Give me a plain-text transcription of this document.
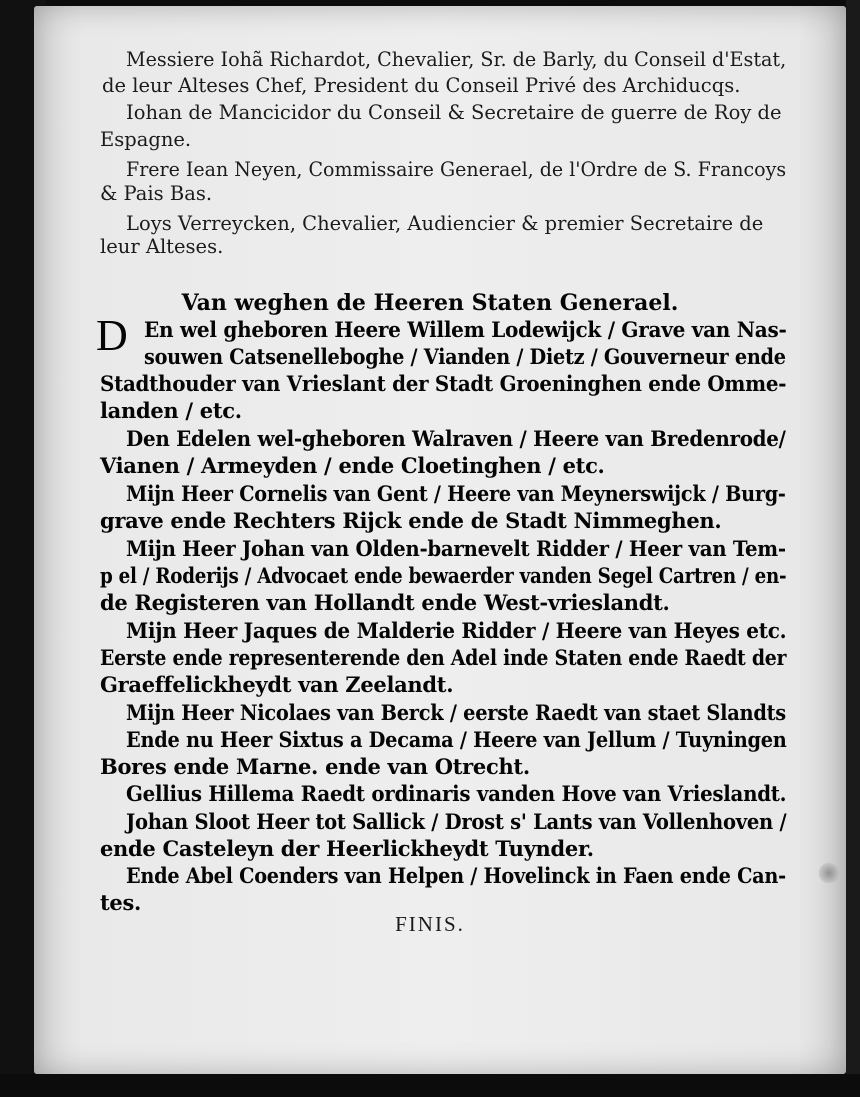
Messiere Iohã Richardot, Chevalier, Sr. de Barly, du Conseil d'Estat,

de leur Alteses Chef, President du Conseil Privé des Archiducqs.

Iohan de Mancicidor du Conseil & Secretaire de guerre de Roy de

Espagne.

Frere Iean Neyen, Commissaire Generael, de l'Ordre de S. Francoys

& Pais Bas.

Loys Verreycken, Chevalier, Audiencier & premier Secretaire de

leur Alteses.

Van weghen de Heeren Staten Generael.
D En wel gheboren Heere Willem Lodewijck / Grave van Nas-

souwen Catsenelleboghe / Vianden / Dietz / Gouverneur ende

Stadthouder van Vrieslant der Stadt Groeninghen ende Omme-

landen / etc.

Den Edelen wel-gheboren Walraven / Heere van Bredenrode/

Vianen / Armeyden / ende Cloetinghen / etc.

Mijn Heer Cornelis van Gent / Heere van Meynerswijck / Burg-

grave ende Rechters Rijck ende de Stadt Nimmeghen.

Mijn Heer Johan van Olden-barnevelt Ridder / Heer van Tem-

p el / Roderijs / Advocaet ende bewaerder vanden Segel Cartren / en-

de Registeren van Hollandt ende West-vrieslandt.

Mijn Heer Jaques de Malderie Ridder / Heere van Heyes etc.

Eerste ende representerende den Adel inde Staten ende Raedt der

Graeffelickheydt van Zeelandt.

Mijn Heer Nicolaes van Berck / eerste Raedt van staet Slandts

Ende nu Heer Sixtus a Decama / Heere van Jellum / Tuyningen

Bores ende Marne. ende van Otrecht.

Gellius Hillema Raedt ordinaris vanden Hove van Vrieslandt.

Johan Sloot Heer tot Sallick / Drost s' Lants van Vollenhoven /

ende Casteleyn der Heerlickheydt Tuynder.

Ende Abel Coenders van Helpen / Hovelinck in Faen ende Can-

tes.

FINIS.
